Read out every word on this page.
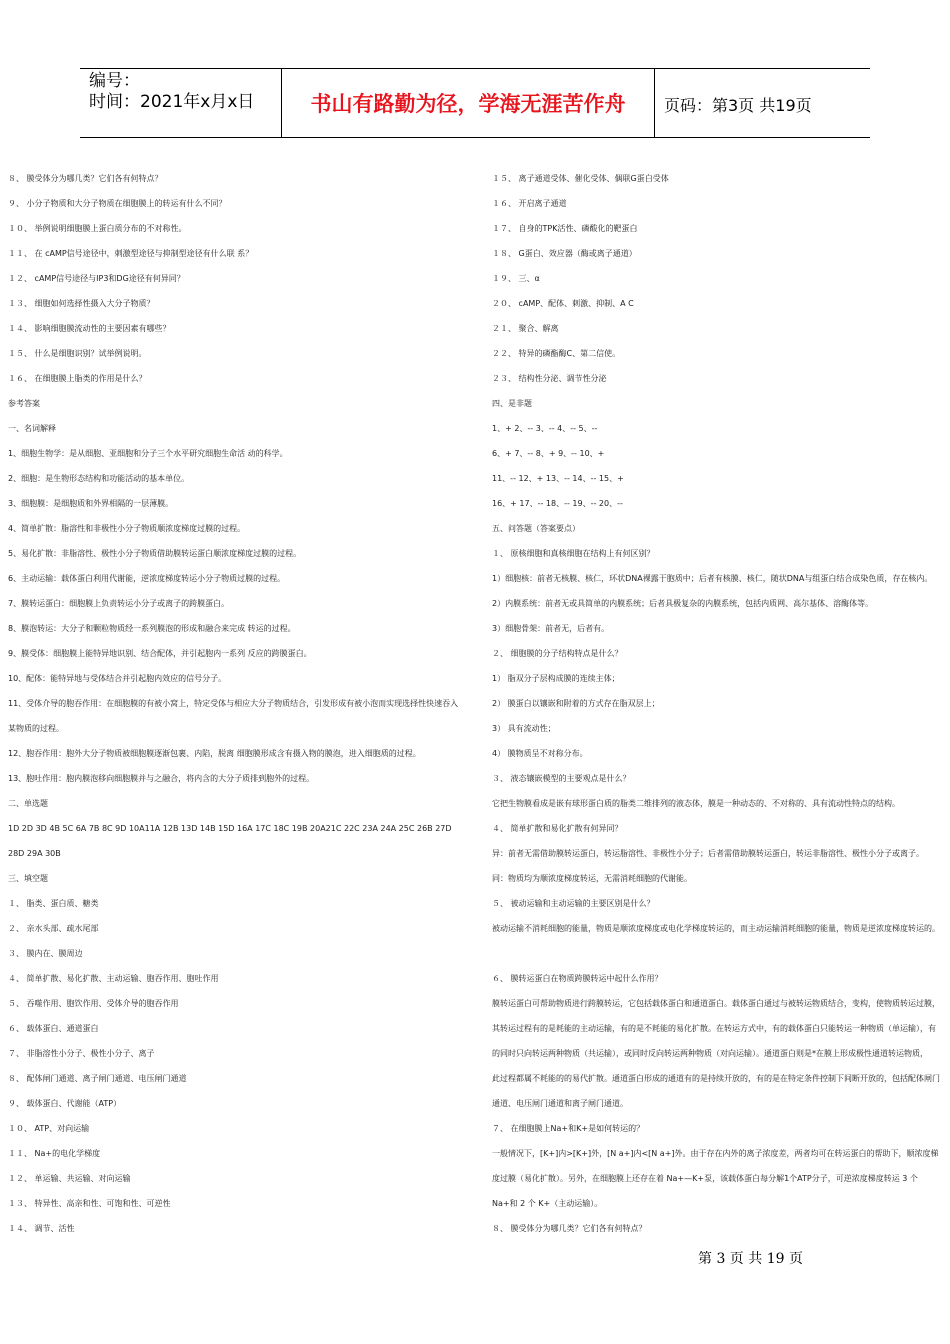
编号：
时间：2021年x月x日	书山有路勤为径，学海无涯苦作舟 页码：第3页 共19页
８、 膜受体分为哪几类？它们各有何特点？
９、 小分子物质和大分子物质在细胞膜上的转运有什么不同？
１０、 举例说明细胞膜上蛋白质分布的不对称性。
１１、 在 cAMP信号途径中，刺激型途径与抑制型途径有什么联 系？
１２、 cAMP信号途径与IP3和DG途径有何异同？
１３、 细胞如何选择性摄入大分子物质？
１４、 影响细胞膜流动性的主要因素有哪些？
１５、 什么是细胞识别？试举例说明。
１６、 在细胞膜上脂类的作用是什么？
参考答案
一、名词解释
1、细胞生物学：是从细胞、亚细胞和分子三个水平研究细胞生命活 动的科学。
2、细胞：是生物形态结构和功能活动的基本单位。
3、细胞膜：是细胞质和外界相隔的一层薄膜。
4、简单扩散：脂溶性和非极性小分子物质顺浓度梯度过膜的过程。
5、易化扩散：非脂溶性、极性小分子物质借助膜转运蛋白顺浓度梯度过膜的过程。
6、主动运输：载体蛋白利用代谢能，逆浓度梯度转运小分子物质过膜的过程。
7、膜转运蛋白：细胞膜上负责转运小分子或离子的跨膜蛋白。
8、膜泡转运：大分子和颗粒物质经一系列膜泡的形成和融合来完成 转运的过程。
9、膜受体：细胞膜上能特异地识别、结合配体，并引起胞内一系列 反应的跨膜蛋白。
10、配体：能特异地与受体结合并引起胞内效应的信号分子。
11、受体介导的胞吞作用：在细胞膜的有被小窝上，特定受体与相应大分子物质结合，引发形成有被小泡而实现选择性快速吞入
某物质的过程。
12、胞吞作用：胞外大分子物质被细胞膜逐渐包裹、内陷，脱离 细胞膜形成含有摄入物的膜泡，进入细胞质的过程。
13、胞吐作用：胞内膜泡移向细胞膜并与之融合，将内含的大分子质排到胞外的过程。
二、单选题
1D 2D 3D 4B 5C 6A 7B 8C 9D 10A11A 12B 13D 14B 15D 16A 17C 18C 19B 20A21C 22C 23A 24A 25C 26B 27D
28D 29A 30B
三、填空题
１、 脂类、蛋白质、糖类
２、 亲水头部、疏水尾部
３、 膜内在、膜周边
４、 简单扩散、易化扩散、主动运输、胞吞作用、胞吐作用
５、 吞噬作用、胞饮作用、受体介导的胞吞作用
６、 载体蛋白、通道蛋白
７、 非脂溶性小分子、极性小分子、离子
８、 配体闸门通道、离子闸门通道、电压闸门通道
９、 载体蛋白、代谢能（ATP）
１０、 ATP、对向运输
１１、 Na+的电化学梯度
１２、 单运输、共运输、对向运输
１３、 特异性、高亲和性、可饱和性、可逆性
１４、 调节、活性
１５、 离子通道受体、催化受体、偶联G蛋白受体
１６、 开启离子通道
１７、 自身的TPK活性、磷酸化的靶蛋白
１８、 G蛋白、效应器（酶或离子通道）
１９、 三、α
２０、 cAMP、配体、刺激、抑制、A C
２１、 聚合、解离
２２、 特异的磷酯酶C、第二信使。
２３、 结构性分泌、调节性分泌
四、是非题
1、+ 2、-- 3、-- 4、-- 5、--
6、+ 7、-- 8、+ 9、-- 10、+
11、-- 12、+ 13、-- 14、-- 15、+
16、+ 17、-- 18、-- 19、-- 20、--
五、问答题（答案要点）
１、 原核细胞和真核细胞在结构上有何区别？
1）细胞核：前者无核膜、核仁，环状DNA裸露于胞质中；后者有核膜、核仁，随状DNA与组蛋白结合成染色质，存在核内。
2）内膜系统：前者无或具简单的内膜系统；后者具极复杂的内膜系统，包括内质网、高尔基体、溶酶体等。
3）细胞骨架：前者无，后者有。
２、 细胞膜的分子结构特点是什么？
1） 脂双分子层构成膜的连续主体；
2） 膜蛋白以镶嵌和附着的方式存在脂双层上；
3） 具有流动性；
4） 膜物质呈不对称分布。
３、 液态镶嵌模型的主要观点是什么？
它把生物膜看成是嵌有球形蛋白质的脂类二维排列的液态体，膜是一种动态的、不对称的、具有流动性特点的结构。
４、 简单扩散和易化扩散有何异同？
异：前者无需借助膜转运蛋白，转运脂溶性、非极性小分子；后者需借助膜转运蛋白，转运非脂溶性、极性小分子或离子。
同：物质均为顺浓度梯度转运，无需消耗细胞的代谢能。
５、 被动运输和主动运输的主要区别是什么？
被动运输不消耗细胞的能量，物质是顺浓度梯度或电化学梯度转运的，而主动运输消耗细胞的能量，物质是逆浓度梯度转运的。
６、 膜转运蛋白在物质跨膜转运中起什么作用？
膜转运蛋白可帮助物质进行跨膜转运，它包括载体蛋白和通道蛋白。载体蛋白通过与被转运物质结合，变构，使物质转运过膜，
其转运过程有的是耗能的主动运输，有的是不耗能的易化扩散。在转运方式中，有的载体蛋白只能转运一种物质（单运输），有
的同时只向转运两种物质（共运输），或同时反向转运两种物质（对向运输）。通道蛋白则是*在膜上形成极性通道转运物质，
此过程都属不耗能的的易代扩散。通道蛋白形成的通道有的是持续开放的，有的是在特定条件控制下间断开放的，包括配体闸门
通道、电压闸门通道和离子闸门通道。
７、 在细胞膜上Na+和K+是如何转运的？
一般情况下，[K+]内>[K+]外，[N a+]内<[N a+]外。由于存在内外的离子浓度差，两者均可在转运蛋白的帮助下，顺浓度梯
度过膜（易化扩散）。另外，在细胞膜上还存在着 Na+—K+泵，该载体蛋白每分解1个ATP分子，可逆浓度梯度转运 3 个
Na+和 2 个 K+（主动运输）。
８、 膜受体分为哪几类？它们各有何特点？
第 3 页 共 19 页
